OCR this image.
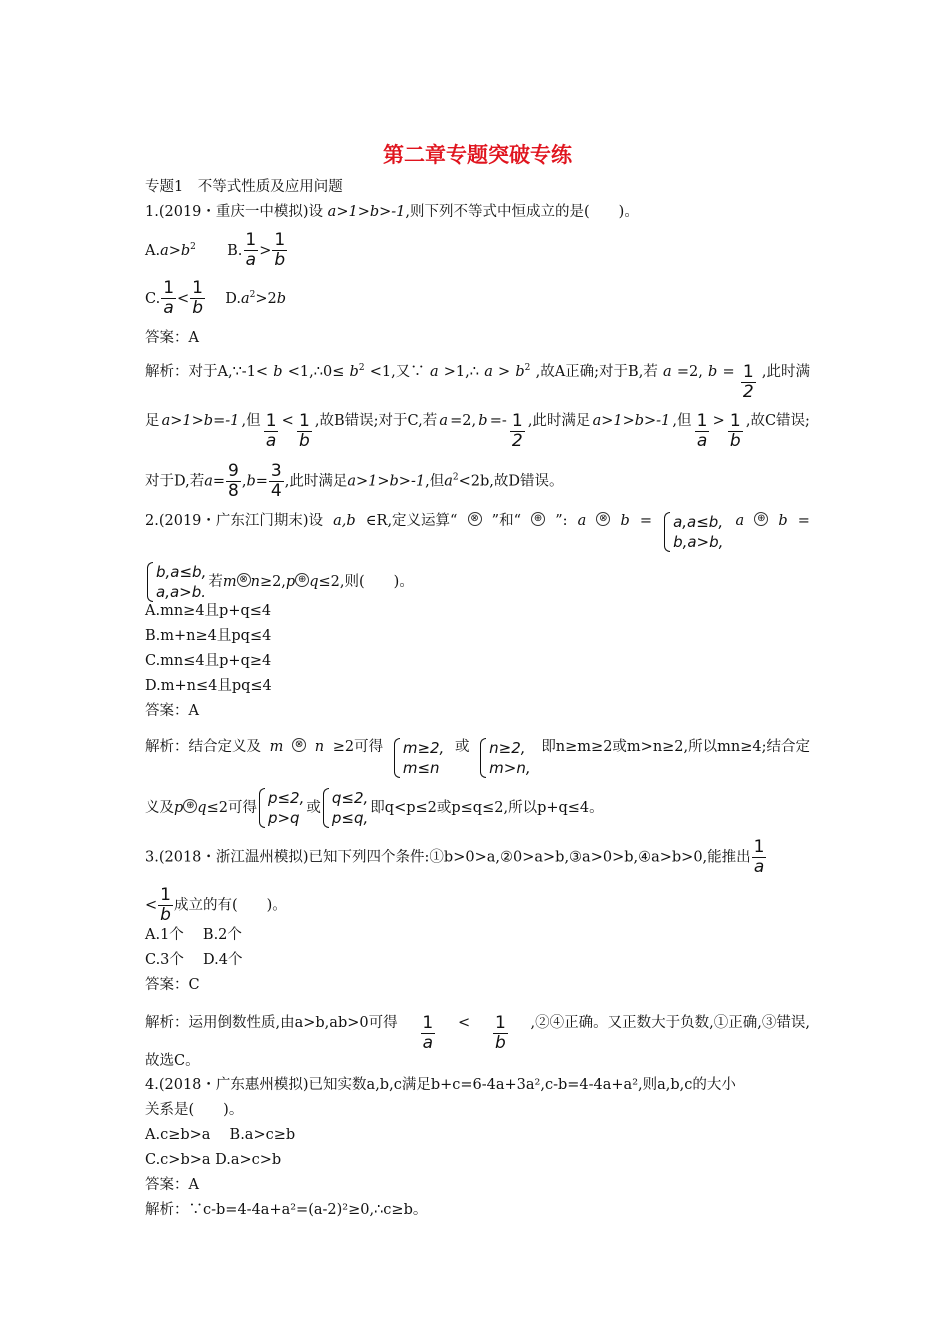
第二章专题突破专练
专题1　不等式性质及应用问题
1.(2019・重庆一中模拟)设 a>1>b>-1,则下列不等式中恒成立的是(　　)。
$A.a>b^2$ B. $\frac{1}{a} > \frac{1}{b}$
C. $\frac{1}{a} < \frac{1}{b} D.a^2>2b$
答案：A
解析：对于A,∵-1< b <1,∴0≤ $b^2 <1$,又∵ a >1,∴ $a > b^2$ ,故A正确;对于B,若 a =2, $b = \frac{1}{2}$ ,此时满
足 a>1>b=-1 ,但 $\frac{1}{a} < \frac{1}{b}$ ,故B错误;对于C,若 a =2, $b =- \frac{1}{2}$ ,此时满足 a>1>b>-1 ,但 $\frac{1}{a} > \frac{1}{b}$ ,故C错误;
对于D,若$a= \frac{9}{8} ,b= \frac{3}{4}$ ,此时满足a>1>b>-1,但$a^2<2b$,故D错误。
2.(2019・广东江门期末)设 a,b ∈R,定义运算“ ⊗ ”和“ ⊕ ”: a ⊗ b = a,a≤b,
b,a>b,
a ⊕ b =
b,a≤b,
a,a>b.
若m ⊗ n≥2,p ⊕ q≤2,则(　　)。
A.mn≥4且p+q≤4
B.m+n≥4且pq≤4
C.mn≤4且p+q≥4
D.m+n≤4且pq≤4
答案：A
解析：结合定义及 m ⊗ n ≥2可得 m≥2,
m≤n
或 n≥2,
m>n,
即n≥m≥2或m>n≥2,所以mn≥4;结合定
义及p ⊕ q≤2可得
p≤2,
p>q
或
q≤2,
p≤q,
即q<p≤2或p≤q≤2,所以p+q≤4。
3.(2018・浙江温州模拟)已知下列四个条件:①b>0>a,②0>a>b,③a>0>b,④a>b>0,能推出 $\frac{1}{a}$
< $\frac{1}{b}$ 成立的有(　　)。
A.1个　 B.2个
C.3个　 D.4个
答案：C
解析：运用倒数性质,由a>b,ab>0可得 $\frac{1}{a} < \frac{1}{b}$ ,②④正确。又正数大于负数,①正确,③错误,
故选C。
4.(2018・广东惠州模拟)已知实数a,b,c满足b+c=6-4a+3a²,c-b=4-4a+a²,则a,b,c的大小
关系是(　　)。
A.c≥b>a　 B.a>c≥b
C.c>b>a D.a>c>b
答案：A
解析：∵c-b=4-4a+a²=(a-2)²≥0,∴c≥b。
